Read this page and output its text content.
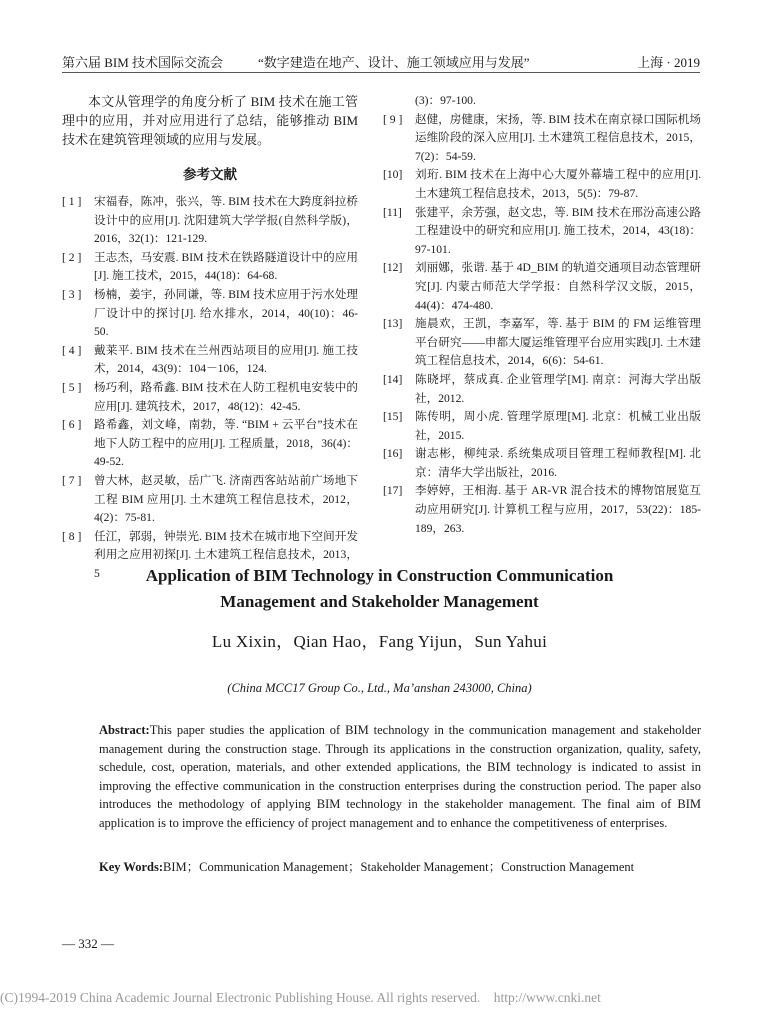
第六届 BIM 技术国际交流会	“数字建造在地产、设计、施工领域应用与发展”	上海 · 2019

本文从管理学的角度分析了 BIM 技术在施工管理中的应用，并对应用进行了总结，能够推动 BIM 技术在建筑管理领域的应用与发展。

参考文献
[ 1 ]	宋福春，陈冲，张兴，等. BIM 技术在大跨度斜拉桥设计中的应用[J]. 沈阳建筑大学学报(自然科学版)，2016，32(1)：121-129.
[ 2 ]	王志杰，马安震. BIM 技术在铁路隧道设计中的应用[J]. 施工技术，2015，44(18)：64-68.
[ 3 ]	杨楠，姜宇，孙同谦，等. BIM 技术应用于污水处理厂设计中的探讨[J]. 给水排水，2014，40(10)：46-50.
[ 4 ]	戴莱平. BIM 技术在兰州西站项目的应用[J]. 施工技术，2014，43(9)：104－106，124.
[ 5 ]	杨巧利，路希鑫. BIM 技术在人防工程机电安装中的应用[J]. 建筑技术，2017，48(12)：42-45.
[ 6 ]	路希鑫，刘文峰，南勃，等. “BIM + 云平台”技术在地下人防工程中的应用[J]. 工程质量，2018，36(4)：49-52.
[ 7 ]	曾大林，赵灵敏，岳广飞. 济南西客站站前广场地下工程 BIM 应用[J]. 土木建筑工程信息技术，2012，4(2)：75-81.
[ 8 ]	任江，郭弱，钟崇光. BIM 技术在城市地下空间开发利用之应用初探[J]. 土木建筑工程信息技术，2013，5
(3)：97-100.
[ 9 ]	赵健，房健康，宋扬，等. BIM 技术在南京禄口国际机场运维阶段的深入应用[J]. 土木建筑工程信息技术，2015，7(2)：54-59.
[10]	刘珩. BIM 技术在上海中心大厦外幕墙工程中的应用[J]. 土木建筑工程信息技术，2013，5(5)：79-87.
[11]	张建平，余芳强，赵文忠，等. BIM 技术在邢汾高速公路工程建设中的研究和应用[J]. 施工技术，2014，43(18)：97-101.
[12]	刘丽娜，张谐. 基于 4D_BIM 的轨道交通项目动态管理研究[J]. 内蒙古师范大学学报：自然科学汉文版，2015，44(4)：474-480.
[13]	施晨欢，王凯，李嘉军，等. 基于 BIM 的 FM 运维管理平台研究——申都大厦运维管理平台应用实践[J]. 土木建筑工程信息技术，2014，6(6)：54-61.
[14]	陈晓坪，蔡成真. 企业管理学[M]. 南京：河海大学出版社，2012.
[15]	陈传明，周小虎. 管理学原理[M]. 北京：机械工业出版社，2015.
[16]	谢志彬，柳纯录. 系统集成项目管理工程师教程[M]. 北京：清华大学出版社，2016.
[17]	李婷婷，王相海. 基于 AR-VR 混合技术的博物馆展览互动应用研究[J]. 计算机工程与应用，2017，53(22)：185-189，263.
Application of BIM Technology in Construction Communication
Management and Stakeholder Management
Lu Xixin，Qian Hao，Fang Yijun，Sun Yahui
(China MCC17 Group Co., Ltd., Ma’anshan 243000, China)
Abstract:This paper studies the application of BIM technology in the communication management and stakeholder management during the construction stage. Through its applications in the construction organization, quality, safety, schedule, cost, operation, materials, and other extended applications, the BIM technology is indicated to assist in improving the effective communication in the construction enterprises during the construction period. The paper also introduces the methodology of applying BIM technology in the stakeholder management. The final aim of BIM application is to improve the efficiency of project management and to enhance the competitiveness of enterprises.
Key Words:BIM；Communication Management；Stakeholder Management；Construction Management
— 332 —
(C)1994-2019 China Academic Journal Electronic Publishing House. All rights reserved.    http://www.cnki.net
